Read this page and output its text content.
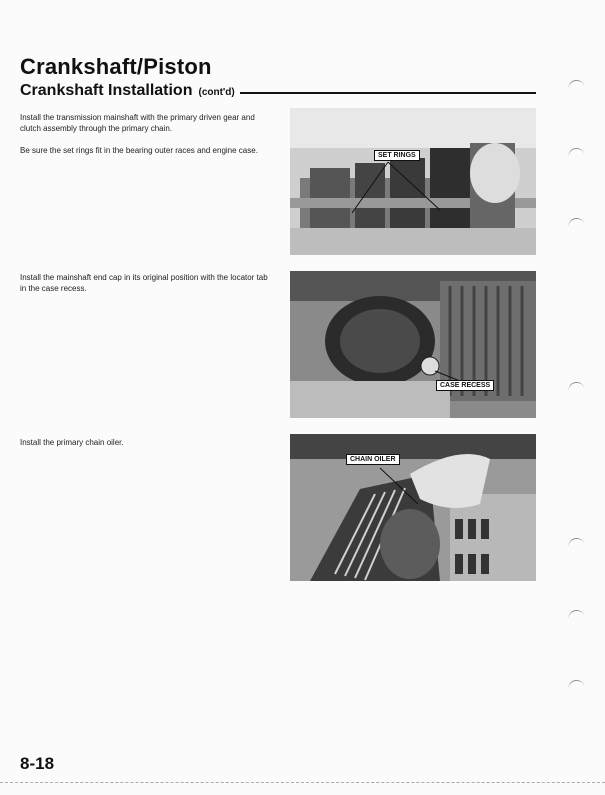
Crankshaft/Piston
Crankshaft Installation (cont'd)
Install the transmission mainshaft with the primary driven gear and clutch assembly through the primary chain.
Be sure the set rings fit in the bearing outer races and engine case.
Install the mainshaft end cap in its original position with the locator tab in the case recess.
Install the primary chain oiler.
SET RINGS
CASE RECESS
CHAIN OILER
8-18
